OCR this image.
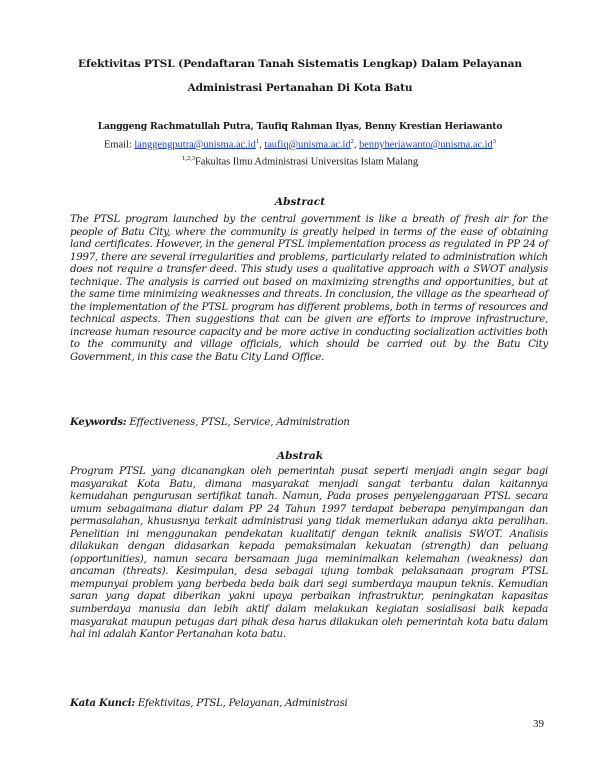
Efektivitas PTSL (Pendaftaran Tanah Sistematis Lengkap) Dalam Pelayanan
Administrasi Pertanahan Di Kota Batu
Langgeng Rachmatullah Putra, Taufiq Rahman Ilyas, Benny Krestian Heriawanto
Email: $langgengputra@unisma.ac.id^1$, $taufiq@unisma.ac.id^2$, $bennyheriawanto@unisma.ac.id^3$
$^{1,2,3}$Fakultas Ilmu Administrasi Universitas Islam Malang
Abstract
The PTSL program launched by the central government is like a breath of fresh air for the people of Batu City, where the community is greatly helped in terms of the ease of obtaining land certificates. However, in the general PTSL implementation process as regulated in PP 24 of 1997, there are several irregularities and problems, particularly related to administration which does not require a transfer deed. This study uses a qualitative approach with a SWOT analysis technique. The analysis is carried out based on maximizing strengths and opportunities, but at the same time minimizing weaknesses and threats. In conclusion, the village as the spearhead of the implementation of the PTSL program has different problems, both in terms of resources and technical aspects. Then suggestions that can be given are efforts to improve infrastructure, increase human resource capacity and be more active in conducting socialization activities both to the community and village officials, which should be carried out by the Batu City Government, in this case the Batu City Land Office.
Keywords: Effectiveness, PTSL, Service, Administration
Abstrak
Program PTSL yang dicanangkan oleh pemerintah pusat seperti menjadi angin segar bagi masyarakat Kota Batu, dimana masyarakat menjadi sangat terbantu dalan kaitannya kemudahan pengurusan sertifikat tanah. Namun, Pada proses penyelenggaraan PTSL secara umum sebagaimana diatur dalam PP 24 Tahun 1997 terdapat beberapa penyimpangan dan permasalahan, khususnya terkait administrasi yang tidak memerlukan adanya akta peralihan. Penelitian ini menggunakan pendekatan kualitatif dengan teknik analisis SWOT. Analisis dilakukan dengan didasarkan kepada pemaksimalan kekuatan (strength) dan peluang (opportunities), namun secara bersamaan juga meminimalkan kelemahan (weakness) dan ancaman (threats). Kesimpulan, desa sebagai ujung tombak pelaksanaan program PTSL mempunyai problem yang berbeda beda baik dari segi sumberdaya maupun teknis. Kemudian saran yang dapat diberikan yakni upaya perbaikan infrastruktur, peningkatan kapasitas sumberdaya manusia dan lebih aktif dalam melakukan kegiatan sosialisasi baik kepada masyarakat maupun petugas dari pihak desa harus dilakukan oleh pemerintah kota batu dalam hal ini adalah Kantor Pertanahan kota batu.
Kata Kunci: Efektivitas, PTSL, Pelayanan, Administrasi
39
